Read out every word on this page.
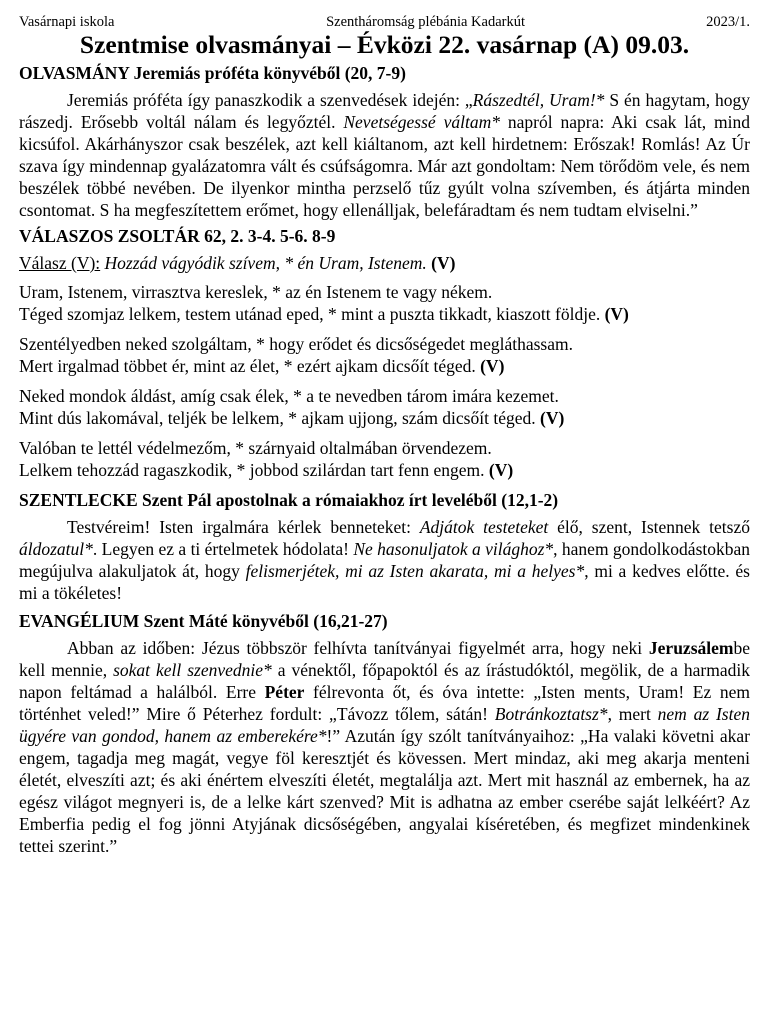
Vasárnapi iskola	Szentháromság plébánia Kadarkút	2023/1.
Szentmise olvasmányai – Évközi 22. vasárnap (A) 09.03.
OLVASMÁNY Jeremiás próféta könyvéből (20, 7-9)

Jeremiás próféta így panaszkodik a szenvedések idején: „Rászedtél, Uram!* S én hagytam, hogy rászedj. Erősebb voltál nálam és legyőztél. Nevetségessé váltam* napról napra: Aki csak lát, mind kicsúfol. Akárhányszor csak beszélek, azt kell kiáltanom, azt kell hirdetnem: Erőszak! Romlás! Az Úr szava így mindennap gyalázatomra vált és csúfságomra. Már azt gondoltam: Nem törődöm vele, és nem beszélek többé nevében. De ilyenkor mintha perzselő tűz gyúlt volna szívemben, és átjárta minden csontomat. S ha megfeszítettem erőmet, hogy ellenálljak, belefáradtam és nem tudtam elviselni.”

VÁLASZOS ZSOLTÁR 62, 2. 3-4. 5-6. 8-9
Válasz (V): Hozzád vágyódik szívem, * én Uram, Istenem. (V)
Uram, Istenem, virrasztva kereslek, * az én Istenem te vagy nékem.
Téged szomjaz lelkem, testem utánad eped, * mint a puszta tikkadt, kiaszott földje. (V)
Szentélyedben neked szolgáltam, * hogy erődet és dicsőségedet megláthassam.
Mert irgalmad többet ér, mint az élet, * ezért ajkam dicsőít téged. (V)
Neked mondok áldást, amíg csak élek, * a te nevedben tárom imára kezemet.
Mint dús lakomával, teljék be lelkem, * ajkam ujjong, szám dicsőít téged. (V)
Valóban te lettél védelmezőm, * szárnyaid oltalmában örvendezem.
Lelkem tehozzád ragaszkodik, * jobbod szilárdan tart fenn engem. (V)
SZENTLECKE Szent Pál apostolnak a rómaiakhoz írt leveléből (12,1-2)

Testvéreim! Isten irgalmára kérlek benneteket: Adjátok testeteket élő, szent, Istennek tetsző áldozatul*. Legyen ez a ti értelmetek hódolata! Ne hasonuljatok a világhoz*, hanem gondolkodástokban megújulva alakuljatok át, hogy felismerjétek, mi az Isten akarata, mi a helyes*, mi a kedves előtte. és mi a tökéletes!

EVANGÉLIUM Szent Máté könyvéből (16,21-27)

Abban az időben: Jézus többször felhívta tanítványai figyelmét arra, hogy neki Jeruzsálembe kell mennie, sokat kell szenvednie* a vénektől, főpapoktól és az írástudóktól, megölik, de a harmadik napon feltámad a halálból. Erre Péter félrevonta őt, és óva intette: „Isten ments, Uram! Ez nem történhet veled!” Mire ő Péterhez fordult: „Távozz tőlem, sátán! Botránkoztatsz*, mert nem az Isten ügyére van gondod, hanem az emberekére*!” Azután így szólt tanítványaihoz: „Ha valaki követni akar engem, tagadja meg magát, vegye föl keresztjét és kövessen. Mert mindaz, aki meg akarja menteni életét, elveszíti azt; és aki énértem elveszíti életét, megtalálja azt. Mert mit használ az embernek, ha az egész világot megnyeri is, de a lelke kárt szenved? Mit is adhatna az ember cserébe saját lelkéért? Az Emberfia pedig el fog jönni Atyjának dicsőségében, angyalai kíséretében, és megfizet mindenkinek tettei szerint.”
